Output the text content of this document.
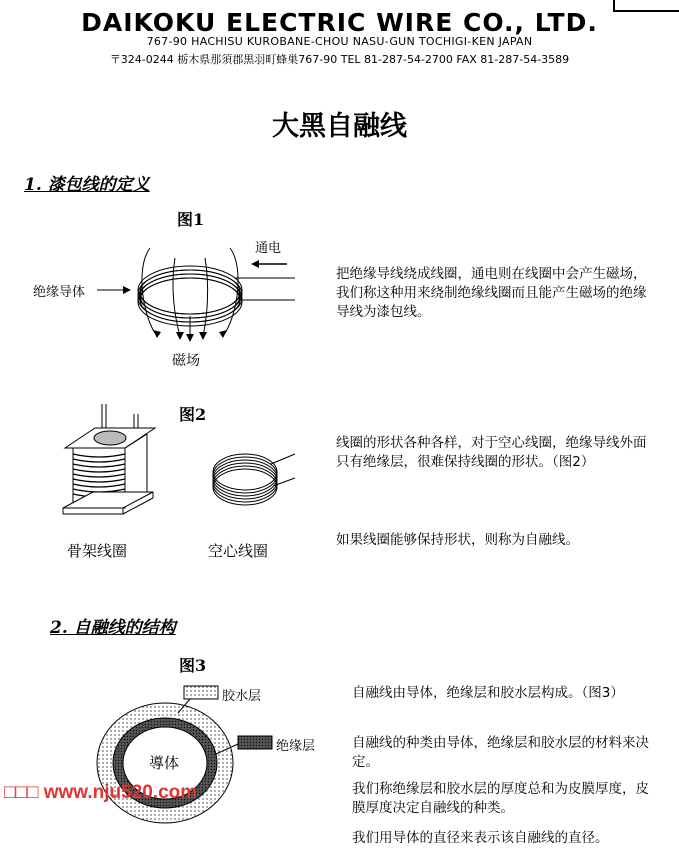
DAIKOKU ELECTRIC WIRE CO., LTD.
767-90 HACHISU KUROBANE-CHOU NASU-GUN TOCHIGI-KEN JAPAN
〒324-0244 栃木県那須郡黒羽町蜂巣767-90 TEL 81-287-54-2700 FAX 81-287-54-3589
大黑自融线
1. 漆包线的定义
图1
通电
绝缘导体
磁场
把绝缘导线绕成线圈，通电则在线圈中会产生磁场，我们称这种用来绕制绝缘线圈而且能产生磁场的绝缘导线为漆包线。
图2
骨架线圈	空心线圈
线圈的形状各种各样，对于空心线圈，绝缘导线外面只有绝缘层，很难保持线圈的形状。（图2）
如果线圈能够保持形状，则称为自融线。
2. 自融线的结构
图3
胶水层
绝缘层
導体
自融线由导体，绝缘层和胶水层构成。（图3）
自融线的种类由导体，绝缘层和胶水层的材料来决定。
我们称绝缘层和胶水层的厚度总和为皮膜厚度，皮膜厚度决定自融线的种类。
我们用导体的直径来表示该自融线的直径。
□□□ www.nju520.com
